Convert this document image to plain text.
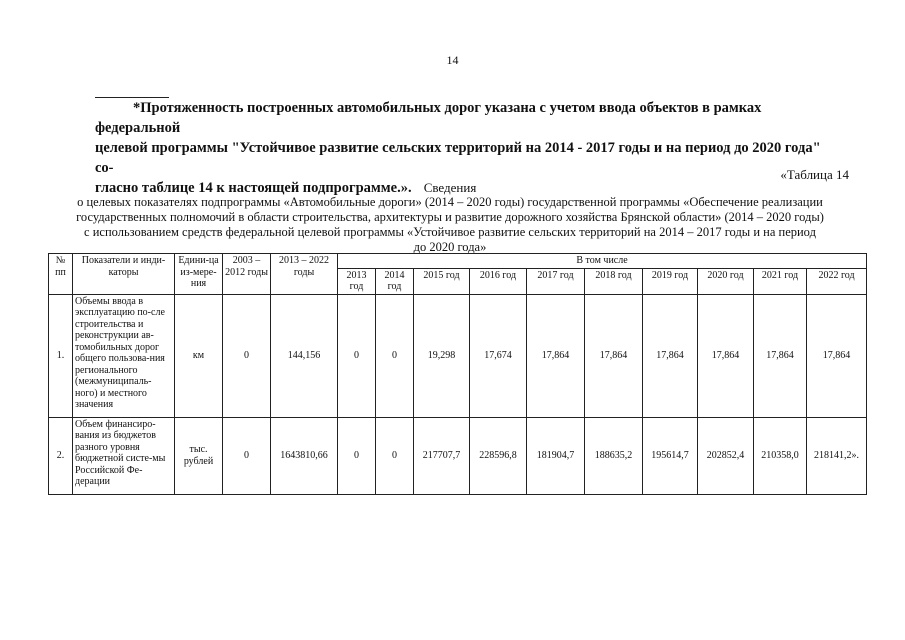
14

*Протяженность построенных автомобильных дорог указана с учетом ввода объектов в рамках федеральной

целевой программы "Устойчивое развитие сельских территорий на 2014 - 2017 годы и на период до 2020 года" со-

гласно таблице 14 к настоящей подпрограмме.».

«Таблица 14

Сведения

о целевых показателях подпрограммы «Автомобильные дороги» (2014 – 2020 годы) государственной программы «Обеспечение реализации

государственных полномочий в области строительства, архитектуры и развитие дорожного хозяйства Брянской области» (2014 – 2020 годы)

с использованием средств федеральной целевой программы «Устойчивое развитие сельских территорий на 2014 – 2017 годы и на период

до 2020 года»

№ пп	Показатели и инди-каторы	Едини-ца из-мере-ния	2003 – 2012 годы	2013 – 2022 годы	В том числе									
					2013 год	2014 год	2015 год	2016 год	2017 год	2018 год	2019 год	2020 год	2021 год	2022 год
1.	Объемы ввода в эксплуатацию по-сле строительства и реконструкции ав-томобильных дорог общего пользова-ния регионального (межмуниципаль-ного) и местного значения	км	0	144,156	0	0	19,298	17,674	17,864	17,864	17,864	17,864	17,864	17,864
2.	Объем финансиро-вания из бюджетов разного уровня бюджетной систе-мы Российской Фе-дерации	тыс. рублей	0	1643810,66	0	0	217707,7	228596,8	181904,7	188635,2	195614,7	202852,4	210358,0	218141,2».
